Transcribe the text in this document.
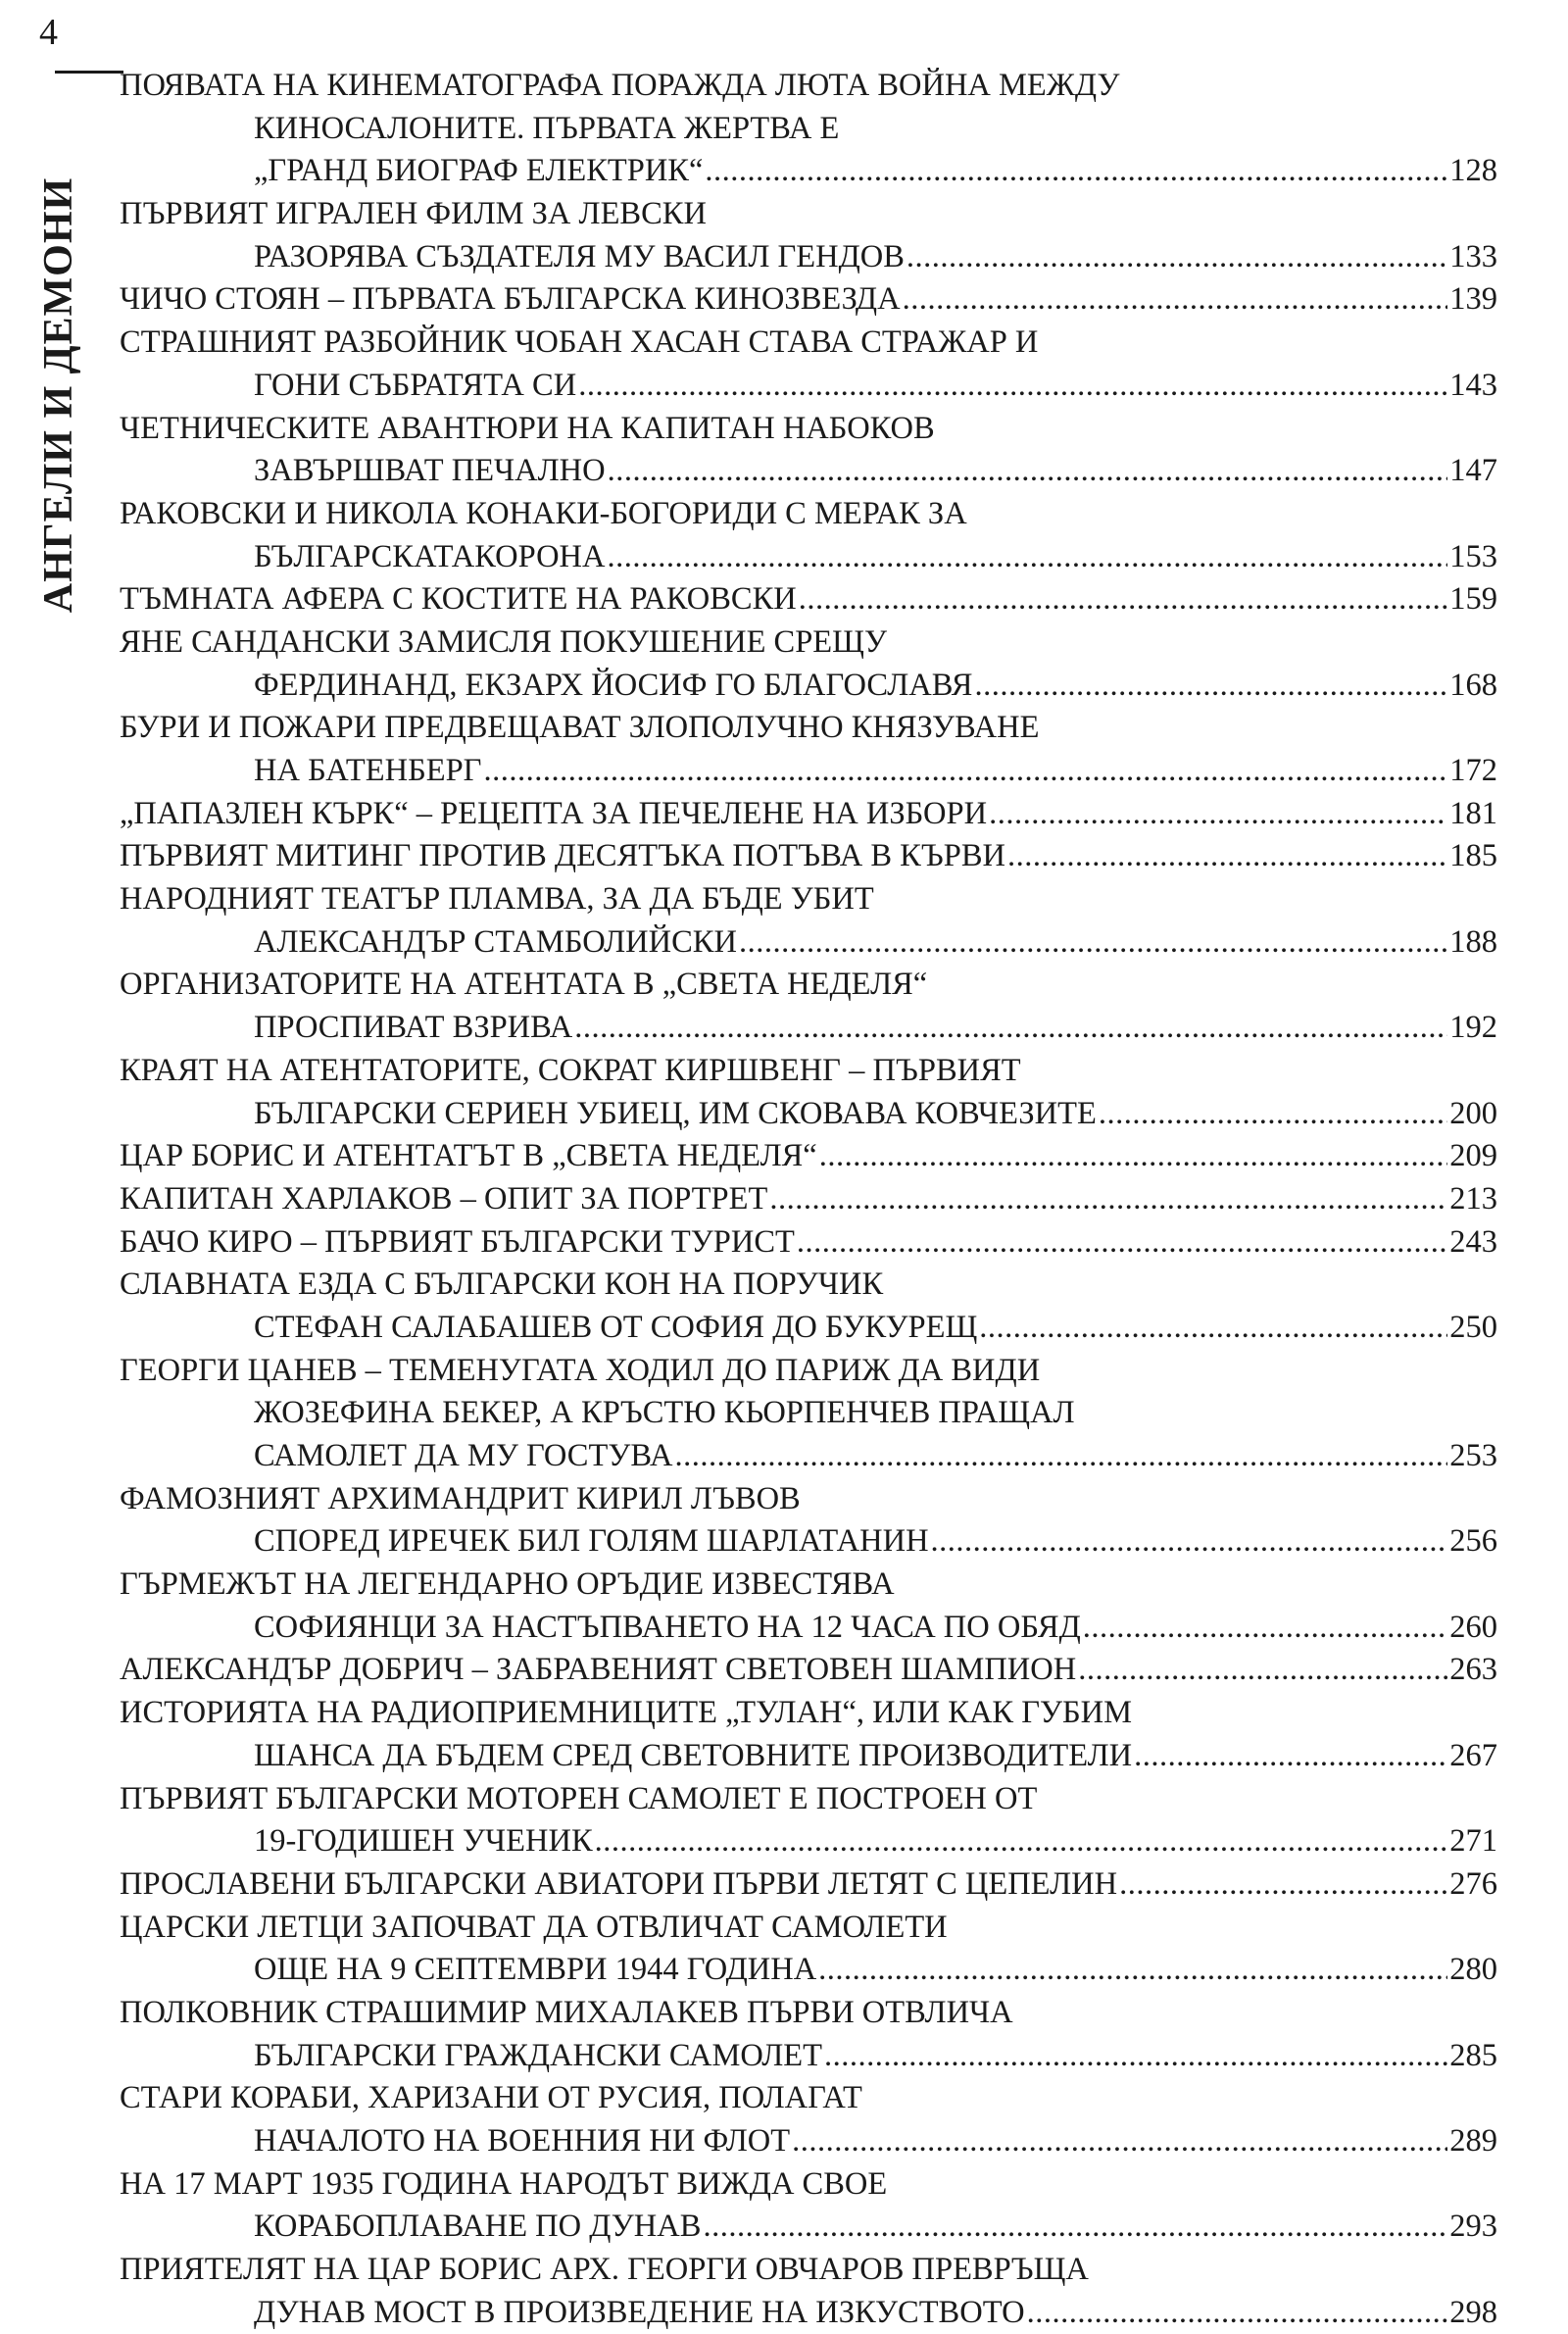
4
АНГЕЛИ И ДЕМОНИ
ПОЯВАТА НА КИНЕМАТОГРАФА ПОРАЖДА ЛЮТА ВОЙНА МЕЖДУ
КИНОСАЛОНИТЕ. ПЪРВАТА ЖЕРТВА Е
„ГРАНД БИОГРАФ ЕЛЕКТРИК“ .....	128
ПЪРВИЯТ ИГРАЛЕН ФИЛМ ЗА ЛЕВСКИ
РАЗОРЯВА СЪЗДАТЕЛЯ МУ ВАСИЛ ГЕНДОВ .....	133
ЧИЧО СТОЯН – ПЪРВАТА БЪЛГАРСКА КИНОЗВЕЗДА .....	139
СТРАШНИЯТ РАЗБОЙНИК ЧОБАН ХАСАН СТАВА СТРАЖАР И
ГОНИ СЪБРАТЯТА СИ .....	143
ЧЕТНИЧЕСКИТЕ АВАНТЮРИ НА КАПИТАН НАБОКОВ
ЗАВЪРШВАТ ПЕЧАЛНО .....	147
РАКОВСКИ И НИКОЛА КОНАКИ-БОГОРИДИ С МЕРАК ЗА
БЪЛГАРСКАТАКОРОНА .....	153
ТЪМНАТА АФЕРА С КОСТИТЕ НА РАКОВСКИ .....	159
ЯНЕ САНДАНСКИ ЗАМИСЛЯ ПОКУШЕНИЕ СРЕЩУ
ФЕРДИНАНД, ЕКЗАРХ ЙОСИФ ГО БЛАГОСЛАВЯ .....	168
БУРИ И ПОЖАРИ ПРЕДВЕЩАВАТ ЗЛОПОЛУЧНО КНЯЗУВАНЕ
НА БАТЕНБЕРГ .....	172
„ПАПАЗЛЕН КЪРК“ – РЕЦЕПТА ЗА ПЕЧЕЛЕНЕ НА ИЗБОРИ .....	181
ПЪРВИЯТ МИТИНГ ПРОТИВ ДЕСЯТЪКА ПОТЪВА В КЪРВИ .....	185
НАРОДНИЯТ ТЕАТЪР ПЛАМВА, ЗА ДА БЪДЕ УБИТ
АЛЕКСАНДЪР СТАМБОЛИЙСКИ .....	188
ОРГАНИЗАТОРИТЕ НА АТЕНТАТА В „СВЕТА НЕДЕЛЯ“
ПРОСПИВАТ ВЗРИВА .....	192
КРАЯТ НА АТЕНТАТОРИТЕ, СОКРАТ КИРШВЕНГ – ПЪРВИЯТ
БЪЛГАРСКИ СЕРИЕН УБИЕЦ, ИМ СКОВАВА КОВЧЕЗИТЕ .....	200
ЦАР БОРИС И АТЕНТАТЪТ В „СВЕТА НЕДЕЛЯ“ .....	209
КАПИТАН ХАРЛАКОВ – ОПИТ ЗА ПОРТРЕТ .....	213
БАЧО КИРО – ПЪРВИЯТ БЪЛГАРСКИ ТУРИСТ .....	243
СЛАВНАТА ЕЗДА С БЪЛГАРСКИ КОН НА ПОРУЧИК
СТЕФАН САЛАБАШЕВ ОТ СОФИЯ ДО БУКУРЕЩ .....	250
ГЕОРГИ ЦАНЕВ – ТЕМЕНУГАТА ХОДИЛ ДО ПАРИЖ ДА ВИДИ
ЖОЗЕФИНА БЕКЕР, А КРЪСТЮ КЬОРПЕНЧЕВ ПРАЩАЛ
САМОЛЕТ ДА МУ ГОСТУВА .....	253
ФАМОЗНИЯТ АРХИМАНДРИТ КИРИЛ ЛЪВОВ
СПОРЕД ИРЕЧЕК БИЛ ГОЛЯМ ШАРЛАТАНИН .....	256
ГЪРМЕЖЪТ НА ЛЕГЕНДАРНО ОРЪДИЕ ИЗВЕСТЯВА
СОФИЯНЦИ ЗА НАСТЪПВАНЕТО НА 12 ЧАСА ПО ОБЯД .....	260
АЛЕКСАНДЪР ДОБРИЧ – ЗАБРАВЕНИЯТ СВЕТОВЕН ШАМПИОН .....	263
ИСТОРИЯТА НА РАДИОПРИЕМНИЦИТЕ „ТУЛАН“, ИЛИ КАК ГУБИМ
ШАНСА ДА БЪДЕМ СРЕД СВЕТОВНИТЕ ПРОИЗВОДИТЕЛИ .....	267
ПЪРВИЯТ БЪЛГАРСКИ МОТОРЕН САМОЛЕТ Е ПОСТРОЕН ОТ
19-ГОДИШЕН УЧЕНИК .....	271
ПРОСЛАВЕНИ БЪЛГАРСКИ АВИАТОРИ ПЪРВИ ЛЕТЯТ С ЦЕПЕЛИН .....	276
ЦАРСКИ ЛЕТЦИ ЗАПОЧВАТ ДА ОТВЛИЧАТ САМОЛЕТИ
ОЩЕ НА 9 СЕПТЕМВРИ 1944 ГОДИНА .....	280
ПОЛКОВНИК СТРАШИМИР МИХАЛАКЕВ ПЪРВИ ОТВЛИЧА
БЪЛГАРСКИ ГРАЖДАНСКИ САМОЛЕТ .....	285
СТАРИ КОРАБИ, ХАРИЗАНИ ОТ РУСИЯ, ПОЛАГАТ
НАЧАЛОТО НА ВОЕННИЯ НИ ФЛОТ .....	289
НА 17 МАРТ 1935 ГОДИНА НАРОДЪТ ВИЖДА СВОЕ
КОРАБОПЛАВАНЕ ПО ДУНАВ .....	293
ПРИЯТЕЛЯТ НА ЦАР БОРИС АРХ. ГЕОРГИ ОВЧАРОВ ПРЕВРЪЩА
ДУНАВ МОСТ В ПРОИЗВЕДЕНИЕ НА ИЗКУСТВОТО .....	298
